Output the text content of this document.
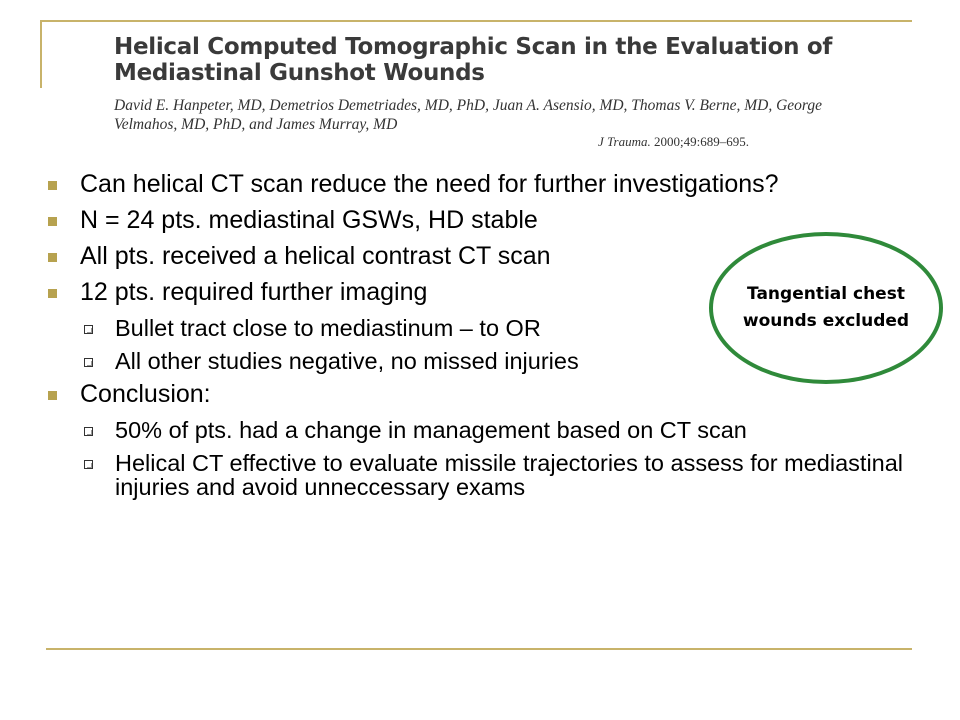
Helical Computed Tomographic Scan in the Evaluation of Mediastinal Gunshot Wounds
David E. Hanpeter, MD, Demetrios Demetriades, MD, PhD, Juan A. Asensio, MD, Thomas V. Berne, MD, George Velmahos, MD, PhD, and James Murray, MD
J Trauma. 2000;49:689–695.
Can helical CT scan reduce the need for further investigations?
N = 24 pts. mediastinal GSWs, HD stable
All pts. received a helical contrast CT scan
12 pts. required further imaging
Bullet tract close to mediastinum – to OR
All other studies negative, no missed injuries
Conclusion:
50% of pts. had a change in management based on CT scan
Helical CT effective to evaluate missile trajectories to assess for mediastinal injuries and avoid unneccessary exams
Tangential chest wounds excluded
